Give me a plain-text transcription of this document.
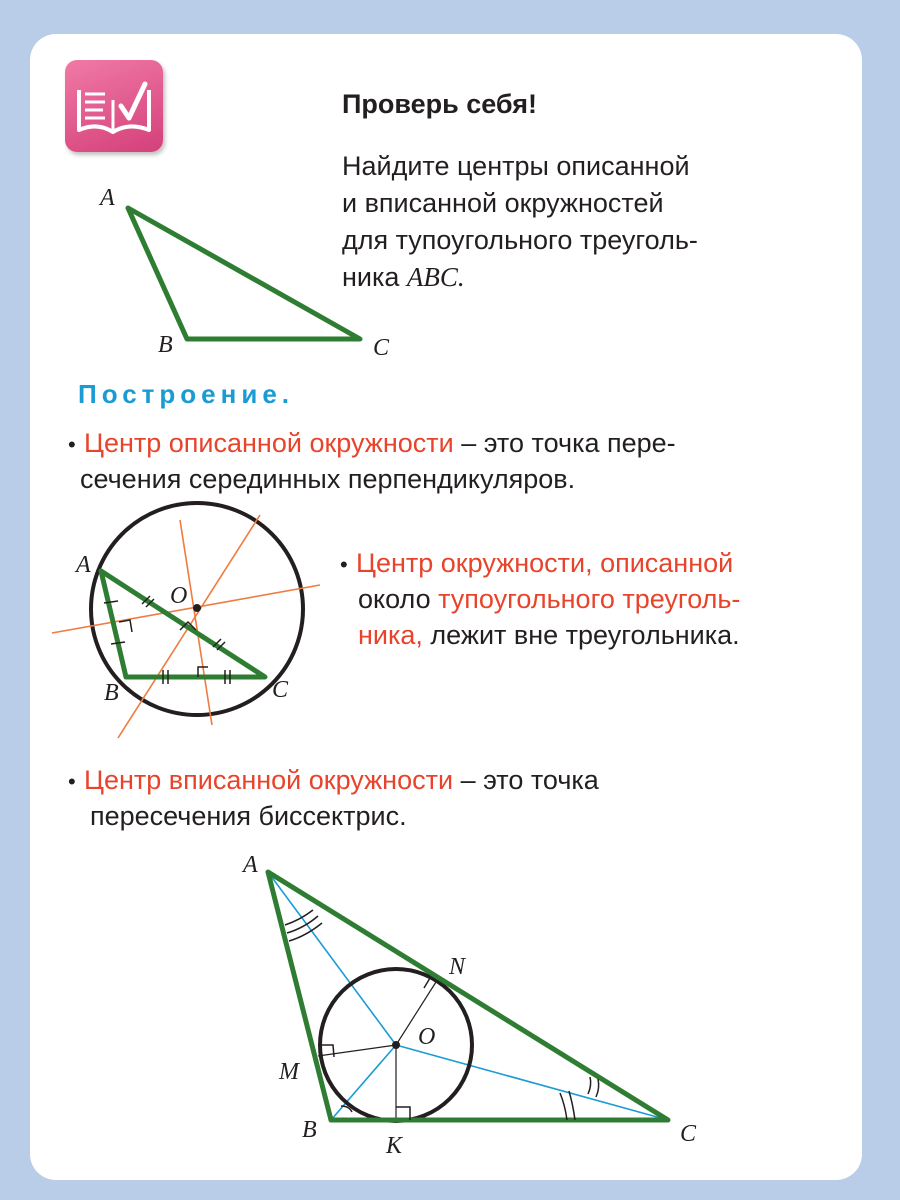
Проверь себя!

Найдите центры описанной

и вписанной окружностей

для тупоугольного треуголь-

ника ABC.

Построение.

• Центр описанной окружности – это точка пере-

сечения серединных перпендикуляров.

• Центр окружности, описанной

около тупоугольного треуголь-

ника, лежит вне треугольника.

• Центр вписанной окружности – это точка

пересечения биссектрис.

A
B	C
A
B	C
O
A
B	C
O
N
M
K
